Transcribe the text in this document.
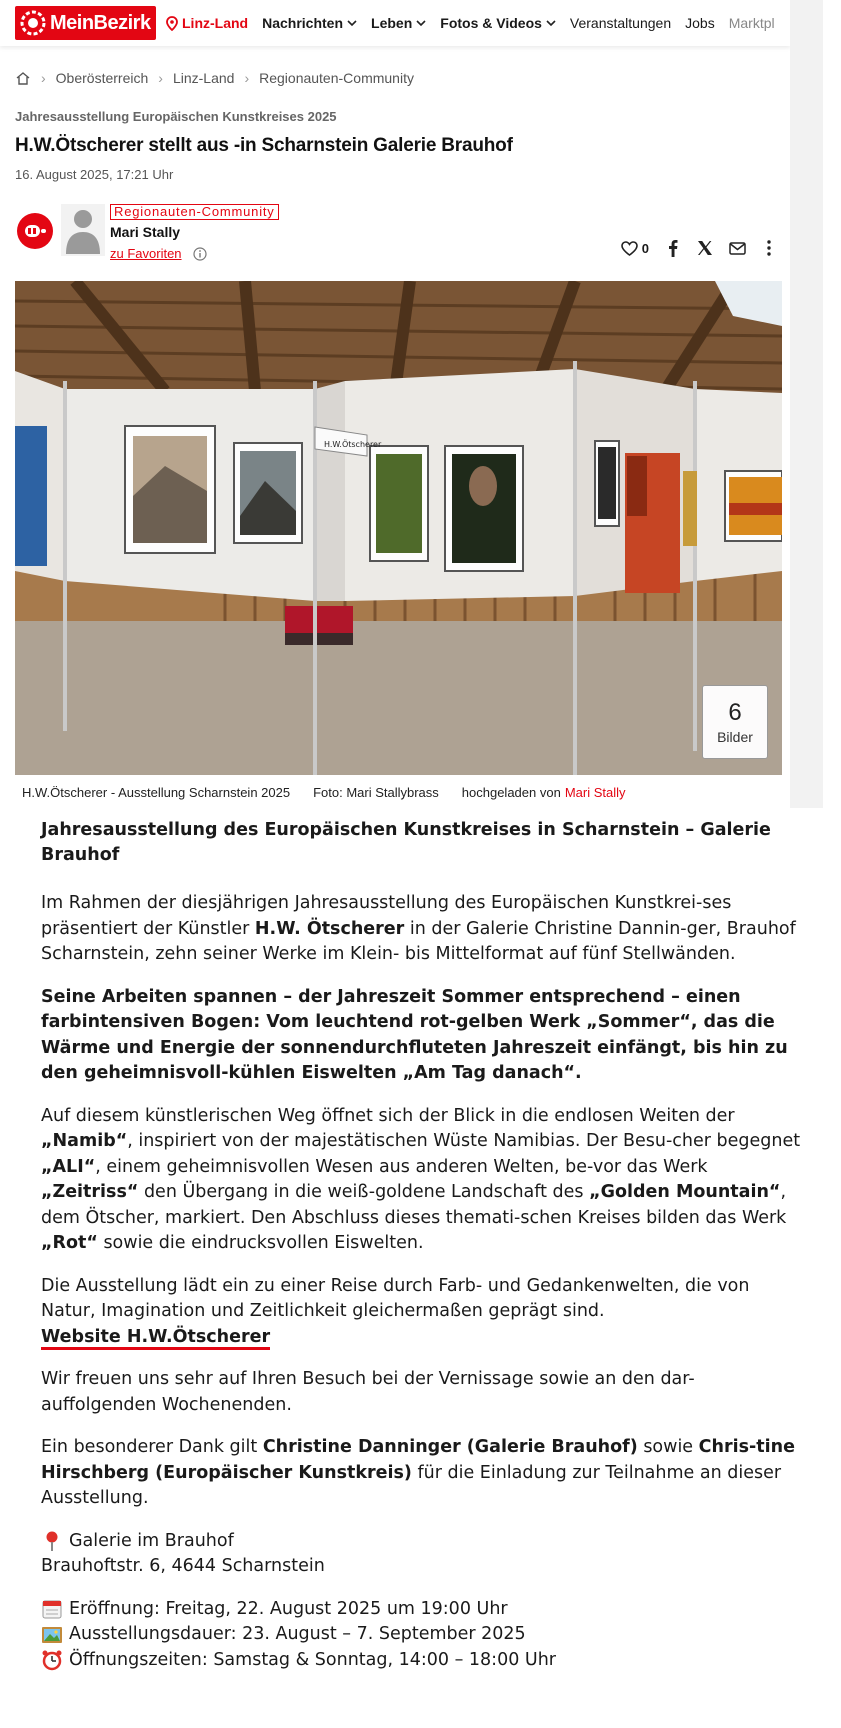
MeinBezirk Linz-Land Nachrichten Leben Fotos & Videos Veranstaltungen Jobs Marktpl
› Oberösterreich › Linz-Land › Regionauten-Community
Jahresausstellung Europäischen Kunstkreises 2025
H.W.Ötscherer stellt aus -in Scharnstein Galerie Brauhof
16. August 2025, 17:21 Uhr
Regionauten-Community
Mari Stally
zu Favoriten	0
H.W.Ötscherer
6
Bilder
H.W.Ötscherer - Ausstellung Scharnstein 2025 Foto: Mari Stallybrass hochgeladen von Mari Stally
Jahresausstellung des Europäischen Kunstkreises in Scharnstein – Galerie Brauhof

Im Rahmen der diesjährigen Jahresausstellung des Europäischen Kunstkrei-ses präsentiert der Künstler H.W. Ötscherer in der Galerie Christine Dannin-ger, Brauhof Scharnstein, zehn seiner Werke im Klein- bis Mittelformat auf fünf Stellwänden.

Seine Arbeiten spannen – der Jahreszeit Sommer entsprechend – einen farbintensiven Bogen: Vom leuchtend rot-gelben Werk „Sommer“, das die Wärme und Energie der sonnendurchfluteten Jahreszeit einfängt, bis hin zu den geheimnisvoll-kühlen Eiswelten „Am Tag danach“.

Auf diesem künstlerischen Weg öffnet sich der Blick in die endlosen Weiten der „Namib“, inspiriert von der majestätischen Wüste Namibias. Der Besu-cher begegnet „ALI“, einem geheimnisvollen Wesen aus anderen Welten, be-vor das Werk „Zeitriss“ den Übergang in die weiß-goldene Landschaft des „Golden Mountain“, dem Ötscher, markiert. Den Abschluss dieses themati-schen Kreises bilden das Werk „Rot“ sowie die eindrucksvollen Eiswelten.

Die Ausstellung lädt ein zu einer Reise durch Farb- und Gedankenwelten, die von Natur, Imagination und Zeitlichkeit gleichermaßen geprägt sind.
Website H.W.Ötscherer

Wir freuen uns sehr auf Ihren Besuch bei der Vernissage sowie an den dar-auffolgenden Wochenenden.

Ein besonderer Dank gilt Christine Danninger (Galerie Brauhof) sowie Chris-tine Hirschberg (Europäischer Kunstkreis) für die Einladung zur Teilnahme an dieser Ausstellung.

Galerie im Brauhof
Brauhoftstr. 6, 4644 Scharnstein
Eröffnung: Freitag, 22. August 2025 um 19:00 Uhr
Ausstellungsdauer: 23. August – 7. September 2025
Öffnungszeiten: Samstag & Sonntag, 14:00 – 18:00 Uhr
